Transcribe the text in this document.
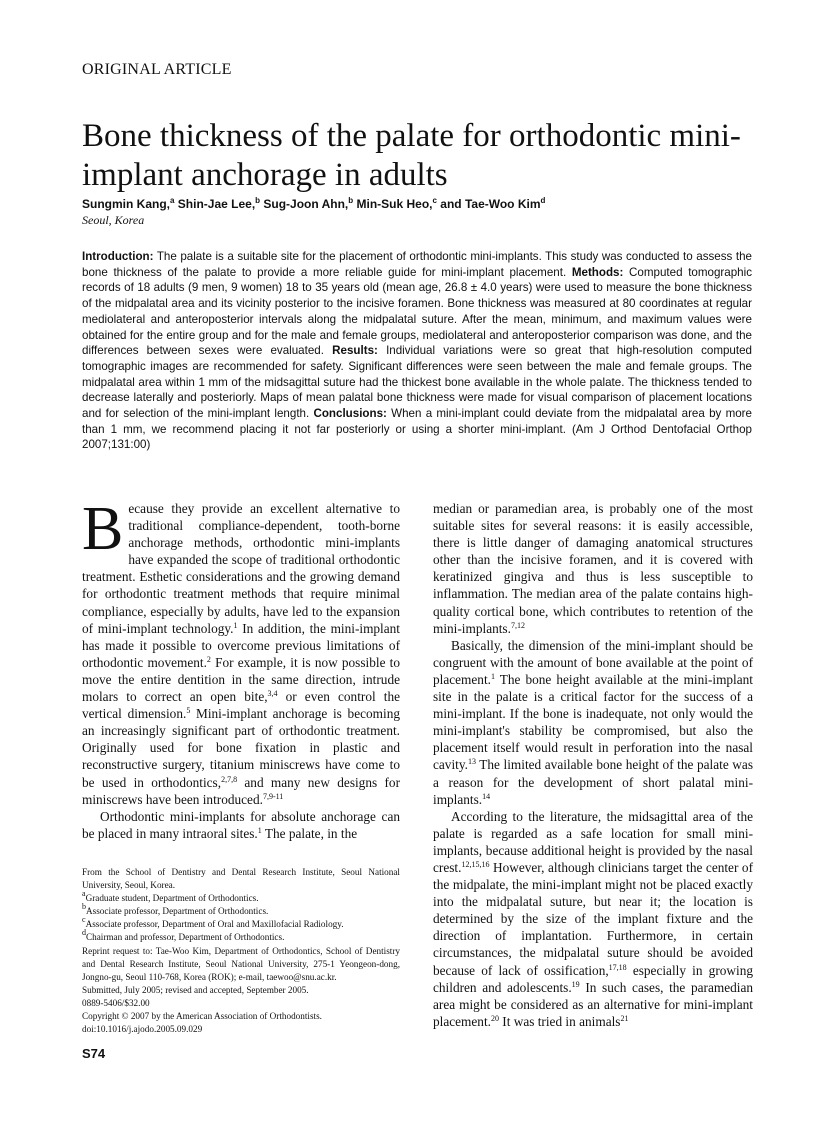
ORIGINAL ARTICLE
Bone thickness of the palate for orthodontic mini-implant anchorage in adults
Sungmin Kang,$^a$ Shin-Jae Lee,$^b$ Sug-Joon Ahn,$^b$ Min-Suk Heo,$^c$ and Tae-Woo Kim$^d$
Seoul, Korea
Introduction: The palate is a suitable site for the placement of orthodontic mini-implants. This study was conducted to assess the bone thickness of the palate to provide a more reliable guide for mini-implant placement. Methods: Computed tomographic records of 18 adults (9 men, 9 women) 18 to 35 years old (mean age, 26.8 ± 4.0 years) were used to measure the bone thickness of the midpalatal area and its vicinity posterior to the incisive foramen. Bone thickness was measured at 80 coordinates at regular mediolateral and anteroposterior intervals along the midpalatal suture. After the mean, minimum, and maximum values were obtained for the entire group and for the male and female groups, mediolateral and anteroposterior comparison was done, and the differences between sexes were evaluated. Results: Individual variations were so great that high-resolution computed tomographic images are recommended for safety. Significant differences were seen between the male and female groups. The midpalatal area within 1 mm of the midsagittal suture had the thickest bone available in the whole palate. The thickness tended to decrease laterally and posteriorly. Maps of mean palatal bone thickness were made for visual comparison of placement locations and for selection of the mini-implant length. Conclusions: When a mini-implant could deviate from the midpalatal area by more than 1 mm, we recommend placing it not far posteriorly or using a shorter mini-implant. (Am J Orthod Dentofacial Orthop 2007;131:00)

Because they provide an excellent alternative to traditional compliance-dependent, tooth-borne anchorage methods, orthodontic mini-implants have expanded the scope of traditional orthodontic treatment. Esthetic considerations and the growing demand for orthodontic treatment methods that require minimal compliance, especially by adults, have led to the expansion of mini-implant technology.$^1$ In addition, the mini-implant has made it possible to overcome previous limitations of orthodontic movement.$^2$ For example, it is now possible to move the entire dentition in the same direction, intrude molars to correct an open bite,$^{3,4}$ or even control the vertical dimension.$^5$ Mini-implant anchorage is becoming an increasingly significant part of orthodontic treatment. Originally used for bone fixation in plastic and reconstructive surgery, titanium miniscrews have come to be used in orthodontics,$^{2,7,8}$ and many new designs for miniscrews have been introduced.$^{7,9-11}$

Orthodontic mini-implants for absolute anchorage can be placed in many intraoral sites.$^1$ The palate, in the

median or paramedian area, is probably one of the most suitable sites for several reasons: it is easily accessible, there is little danger of damaging anatomical structures other than the incisive foramen, and it is covered with keratinized gingiva and thus is less susceptible to inflammation. The median area of the palate contains high-quality cortical bone, which contributes to retention of the mini-implants.$^{7,12}$

Basically, the dimension of the mini-implant should be congruent with the amount of bone available at the point of placement.$^1$ The bone height available at the mini-implant site in the palate is a critical factor for the success of a mini-implant. If the bone is inadequate, not only would the mini-implant's stability be compromised, but also the placement itself would result in perforation into the nasal cavity.$^{13}$ The limited available bone height of the palate was a reason for the development of short palatal mini-implants.$^{14}$

According to the literature, the midsagittal area of the palate is regarded as a safe location for small mini-implants, because additional height is provided by the nasal crest.$^{12,15,16}$ However, although clinicians target the center of the midpalate, the mini-implant might not be placed exactly into the midpalatal suture, but near it; the location is determined by the size of the implant fixture and the direction of implantation. Furthermore, in certain circumstances, the midpalatal suture should be avoided because of lack of ossification,$^{17,18}$ especially in growing children and adolescents.$^{19}$ In such cases, the paramedian area might be considered as an alternative for mini-implant placement.$^{20}$ It was tried in animals$^{21}$

From the School of Dentistry and Dental Research Institute, Seoul National University, Seoul, Korea.
$^a$Graduate student, Department of Orthodontics.
$^b$Associate professor, Department of Orthodontics.
$^c$Associate professor, Department of Oral and Maxillofacial Radiology.
$^d$Chairman and professor, Department of Orthodontics.
Reprint request to: Tae-Woo Kim, Department of Orthodontics, School of Dentistry and Dental Research Institute, Seoul National University, 275-1 Yeongeon-dong, Jongno-gu, Seoul 110-768, Korea (ROK); e-mail, taewoo@snu.ac.kr.
Submitted, July 2005; revised and accepted, September 2005.
0889-5406/$32.00
Copyright © 2007 by the American Association of Orthodontists.
doi:10.1016/j.ajodo.2005.09.029
S74
